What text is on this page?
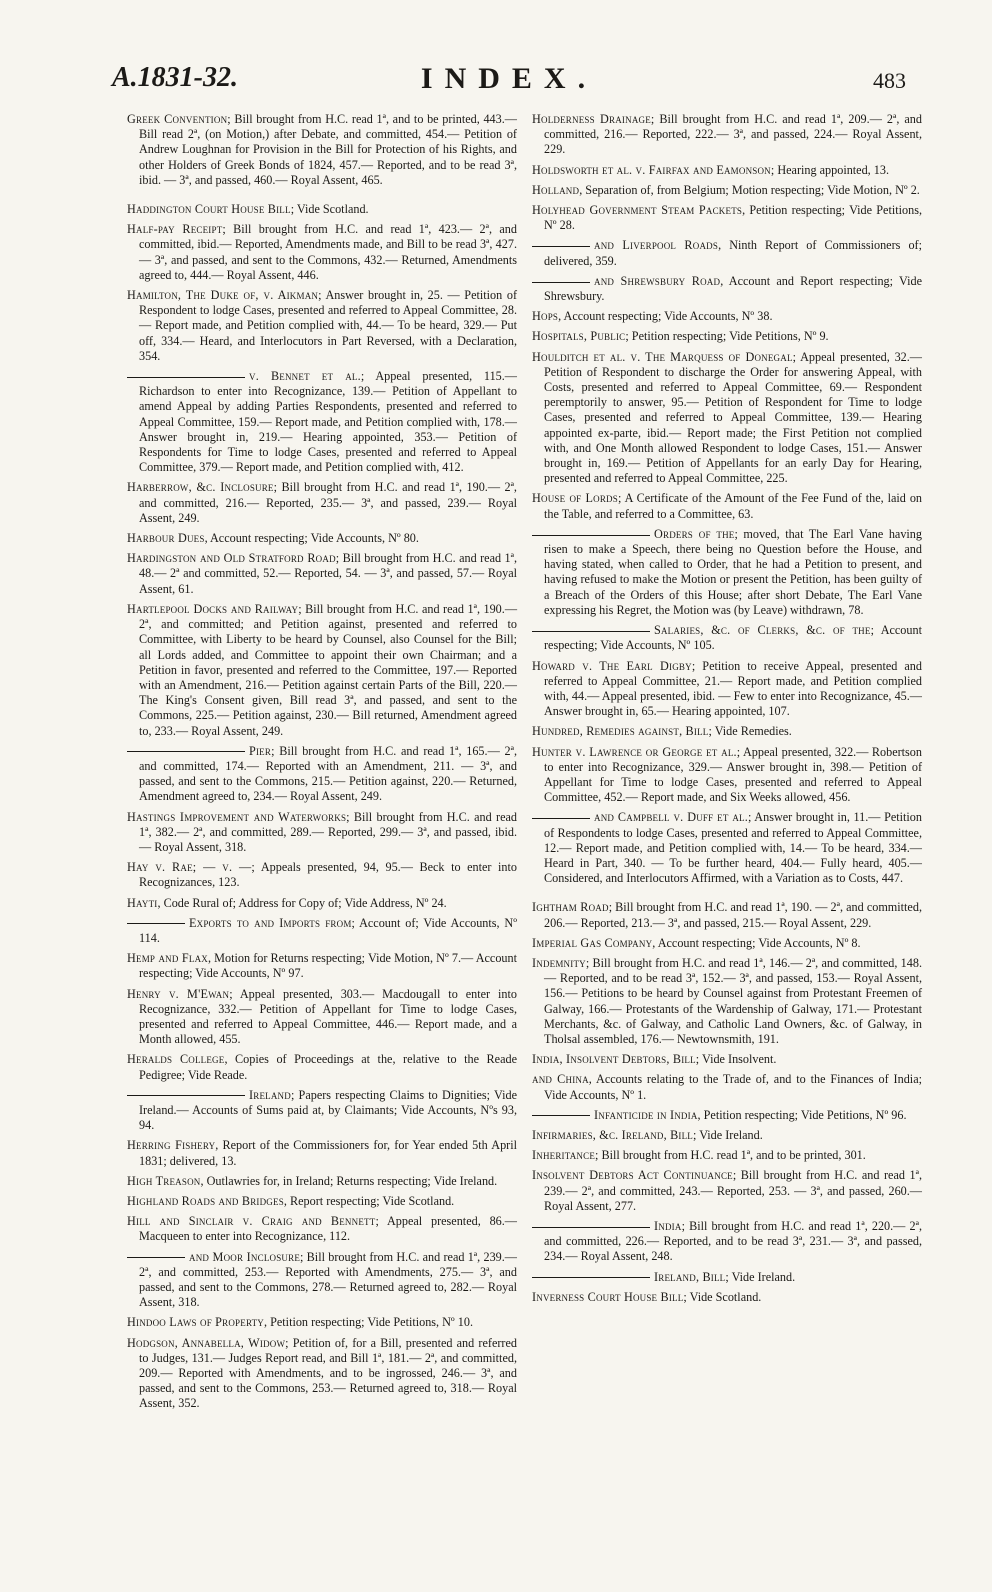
A.1831-32.	INDEX.	483
Greek Convention; Bill brought from H.C. read 1ª, and to be printed, 443.— Bill read 2ª, (on Motion,) after Debate, and committed, 454.— Petition of Andrew Loughnan for Provision in the Bill for Protection of his Rights, and other Holders of Greek Bonds of 1824, 457.— Reported, and to be read 3ª, ibid. — 3ª, and passed, 460.— Royal Assent, 465.
Haddington Court House Bill; Vide Scotland.
Half-pay Receipt; Bill brought from H.C. and read 1ª, 423.— 2ª, and committed, ibid.— Reported, Amendments made, and Bill to be read 3ª, 427.— 3ª, and passed, and sent to the Commons, 432.— Returned, Amendments agreed to, 444.— Royal Assent, 446.
Hamilton, The Duke of, v. Aikman; Answer brought in, 25. — Petition of Respondent to lodge Cases, presented and referred to Appeal Committee, 28.— Report made, and Petition complied with, 44.— To be heard, 329.— Put off, 334.— Heard, and Interlocutors in Part Reversed, with a Declaration, 354.
v. Bennet et al.; Appeal presented, 115.— Richardson to enter into Recognizance, 139.— Petition of Appellant to amend Appeal by adding Parties Respondents, presented and referred to Appeal Committee, 159.— Report made, and Petition complied with, 178.— Answer brought in, 219.— Hearing appointed, 353.— Petition of Respondents for Time to lodge Cases, presented and referred to Appeal Committee, 379.— Report made, and Petition complied with, 412.
Harberrow, &c. Inclosure; Bill brought from H.C. and read 1ª, 190.— 2ª, and committed, 216.— Reported, 235.— 3ª, and passed, 239.— Royal Assent, 249.
Harbour Dues, Account respecting; Vide Accounts, Nº 80.
Hardingston and Old Stratford Road; Bill brought from H.C. and read 1ª, 48.— 2ª and committed, 52.— Reported, 54. — 3ª, and passed, 57.— Royal Assent, 61.
Hartlepool Docks and Railway; Bill brought from H.C. and read 1ª, 190.— 2ª, and committed; and Petition against, presented and referred to Committee, with Liberty to be heard by Counsel, also Counsel for the Bill; all Lords added, and Committee to appoint their own Chairman; and a Petition in favor, presented and referred to the Committee, 197.— Reported with an Amendment, 216.— Petition against certain Parts of the Bill, 220.— The King's Consent given, Bill read 3ª, and passed, and sent to the Commons, 225.— Petition against, 230.— Bill returned, Amendment agreed to, 233.— Royal Assent, 249.
Pier; Bill brought from H.C. and read 1ª, 165.— 2ª, and committed, 174.— Reported with an Amendment, 211. — 3ª, and passed, and sent to the Commons, 215.— Petition against, 220.— Returned, Amendment agreed to, 234.— Royal Assent, 249.
Hastings Improvement and Waterworks; Bill brought from H.C. and read 1ª, 382.— 2ª, and committed, 289.— Reported, 299.— 3ª, and passed, ibid.— Royal Assent, 318.
Hay v. Rae; — v. —; Appeals presented, 94, 95.— Beck to enter into Recognizances, 123.
Hayti, Code Rural of; Address for Copy of; Vide Address, Nº 24.
Exports to and Imports from; Account of; Vide Accounts, Nº 114.
Hemp and Flax, Motion for Returns respecting; Vide Motion, Nº 7.— Account respecting; Vide Accounts, Nº 97.
Henry v. M'Ewan; Appeal presented, 303.— Macdougall to enter into Recognizance, 332.— Petition of Appellant for Time to lodge Cases, presented and referred to Appeal Committee, 446.— Report made, and a Month allowed, 455.
Heralds College, Copies of Proceedings at the, relative to the Reade Pedigree; Vide Reade.
Ireland; Papers respecting Claims to Dignities; Vide Ireland.— Accounts of Sums paid at, by Claimants; Vide Accounts, Nºs 93, 94.
Herring Fishery, Report of the Commissioners for, for Year ended 5th April 1831; delivered, 13.
High Treason, Outlawries for, in Ireland; Returns respecting; Vide Ireland.
Highland Roads and Bridges, Report respecting; Vide Scotland.
Hill and Sinclair v. Craig and Bennett; Appeal presented, 86.— Macqueen to enter into Recognizance, 112.
and Moor Inclosure; Bill brought from H.C. and read 1ª, 239.— 2ª, and committed, 253.— Reported with Amendments, 275.— 3ª, and passed, and sent to the Commons, 278.— Returned agreed to, 282.— Royal Assent, 318.
Hindoo Laws of Property, Petition respecting; Vide Petitions, Nº 10.
Hodgson, Annabella, Widow; Petition of, for a Bill, presented and referred to Judges, 131.— Judges Report read, and Bill 1ª, 181.— 2ª, and committed, 209.— Reported with Amendments, and to be ingrossed, 246.— 3ª, and passed, and sent to the Commons, 253.— Returned agreed to, 318.— Royal Assent, 352.
Holderness Drainage; Bill brought from H.C. and read 1ª, 209.— 2ª, and committed, 216.— Reported, 222.— 3ª, and passed, 224.— Royal Assent, 229.
Holdsworth et al. v. Fairfax and Eamonson; Hearing appointed, 13.
Holland, Separation of, from Belgium; Motion respecting; Vide Motion, Nº 2.
Holyhead Government Steam Packets, Petition respecting; Vide Petitions, Nº 28.
and Liverpool Roads, Ninth Report of Commissioners of; delivered, 359.
and Shrewsbury Road, Account and Report respecting; Vide Shrewsbury.
Hops, Account respecting; Vide Accounts, Nº 38.
Hospitals, Public; Petition respecting; Vide Petitions, Nº 9.
Houlditch et al. v. The Marquess of Donegal; Appeal presented, 32.— Petition of Respondent to discharge the Order for answering Appeal, with Costs, presented and referred to Appeal Committee, 69.— Respondent peremptorily to answer, 95.— Petition of Respondent for Time to lodge Cases, presented and referred to Appeal Committee, 139.— Hearing appointed ex-parte, ibid.— Report made; the First Petition not complied with, and One Month allowed Respondent to lodge Cases, 151.— Answer brought in, 169.— Petition of Appellants for an early Day for Hearing, presented and referred to Appeal Committee, 225.
House of Lords; A Certificate of the Amount of the Fee Fund of the, laid on the Table, and referred to a Committee, 63.
Orders of the; moved, that The Earl Vane having risen to make a Speech, there being no Question before the House, and having stated, when called to Order, that he had a Petition to present, and having refused to make the Motion or present the Petition, has been guilty of a Breach of the Orders of this House; after short Debate, The Earl Vane expressing his Regret, the Motion was (by Leave) withdrawn, 78.
Salaries, &c. of Clerks, &c. of the; Account respecting; Vide Accounts, Nº 105.
Howard v. The Earl Digby; Petition to receive Appeal, presented and referred to Appeal Committee, 21.— Report made, and Petition complied with, 44.— Appeal presented, ibid. — Few to enter into Recognizance, 45.— Answer brought in, 65.— Hearing appointed, 107.
Hundred, Remedies against, Bill; Vide Remedies.
Hunter v. Lawrence or George et al.; Appeal presented, 322.— Robertson to enter into Recognizance, 329.— Answer brought in, 398.— Petition of Appellant for Time to lodge Cases, presented and referred to Appeal Committee, 452.— Report made, and Six Weeks allowed, 456.
and Campbell v. Duff et al.; Answer brought in, 11.— Petition of Respondents to lodge Cases, presented and referred to Appeal Committee, 12.— Report made, and Petition complied with, 14.— To be heard, 334.— Heard in Part, 340. — To be further heard, 404.— Fully heard, 405.— Considered, and Interlocutors Affirmed, with a Variation as to Costs, 447.
Ightham Road; Bill brought from H.C. and read 1ª, 190. — 2ª, and committed, 206.— Reported, 213.— 3ª, and passed, 215.— Royal Assent, 229.
Imperial Gas Company, Account respecting; Vide Accounts, Nº 8.
Indemnity; Bill brought from H.C. and read 1ª, 146.— 2ª, and committed, 148.— Reported, and to be read 3ª, 152.— 3ª, and passed, 153.— Royal Assent, 156.— Petitions to be heard by Counsel against from Protestant Freemen of Galway, 166.— Protestants of the Wardenship of Galway, 171.— Protestant Merchants, &c. of Galway, and Catholic Land Owners, &c. of Galway, in Tholsal assembled, 176.— Newtownsmith, 191.
India, Insolvent Debtors, Bill; Vide Insolvent.
and China, Accounts relating to the Trade of, and to the Finances of India; Vide Accounts, Nº 1.
Infanticide in India, Petition respecting; Vide Petitions, Nº 96.
Infirmaries, &c. Ireland, Bill; Vide Ireland.
Inheritance; Bill brought from H.C. read 1ª, and to be printed, 301.
Insolvent Debtors Act Continuance; Bill brought from H.C. and read 1ª, 239.— 2ª, and committed, 243.— Reported, 253. — 3ª, and passed, 260.— Royal Assent, 277.
India; Bill brought from H.C. and read 1ª, 220.— 2ª, and committed, 226.— Reported, and to be read 3ª, 231.— 3ª, and passed, 234.— Royal Assent, 248.
Ireland, Bill; Vide Ireland.
Inverness Court House Bill; Vide Scotland.
